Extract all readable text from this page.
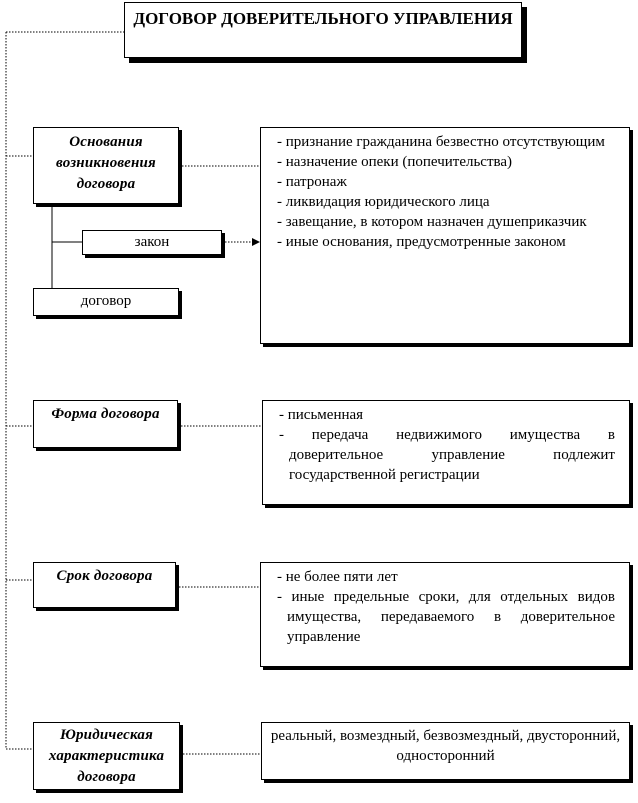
ДОГОВОР ДОВЕРИТЕЛЬНОГО УПРАВЛЕНИЯ
Основания возникновения договора
закон
договор
- признание гражданина безвестно отсутствующим
- назначение опеки (попечительства)
- патронаж
- ликвидация юридического лица
- завещание, в котором назначен душеприказчик
- иные основания, предусмотренные законом
Форма договора	- письменная
- передача недвижимого имущества в доверительное управление подлежит государственной регистрации
Срок договора	- не более пяти лет
- иные предельные сроки, для отдельных видов имущества, передаваемого в доверительное управление
Юридическая характеристика договора
реальный, возмездный, безвозмездный, двусторонний, односторонний
